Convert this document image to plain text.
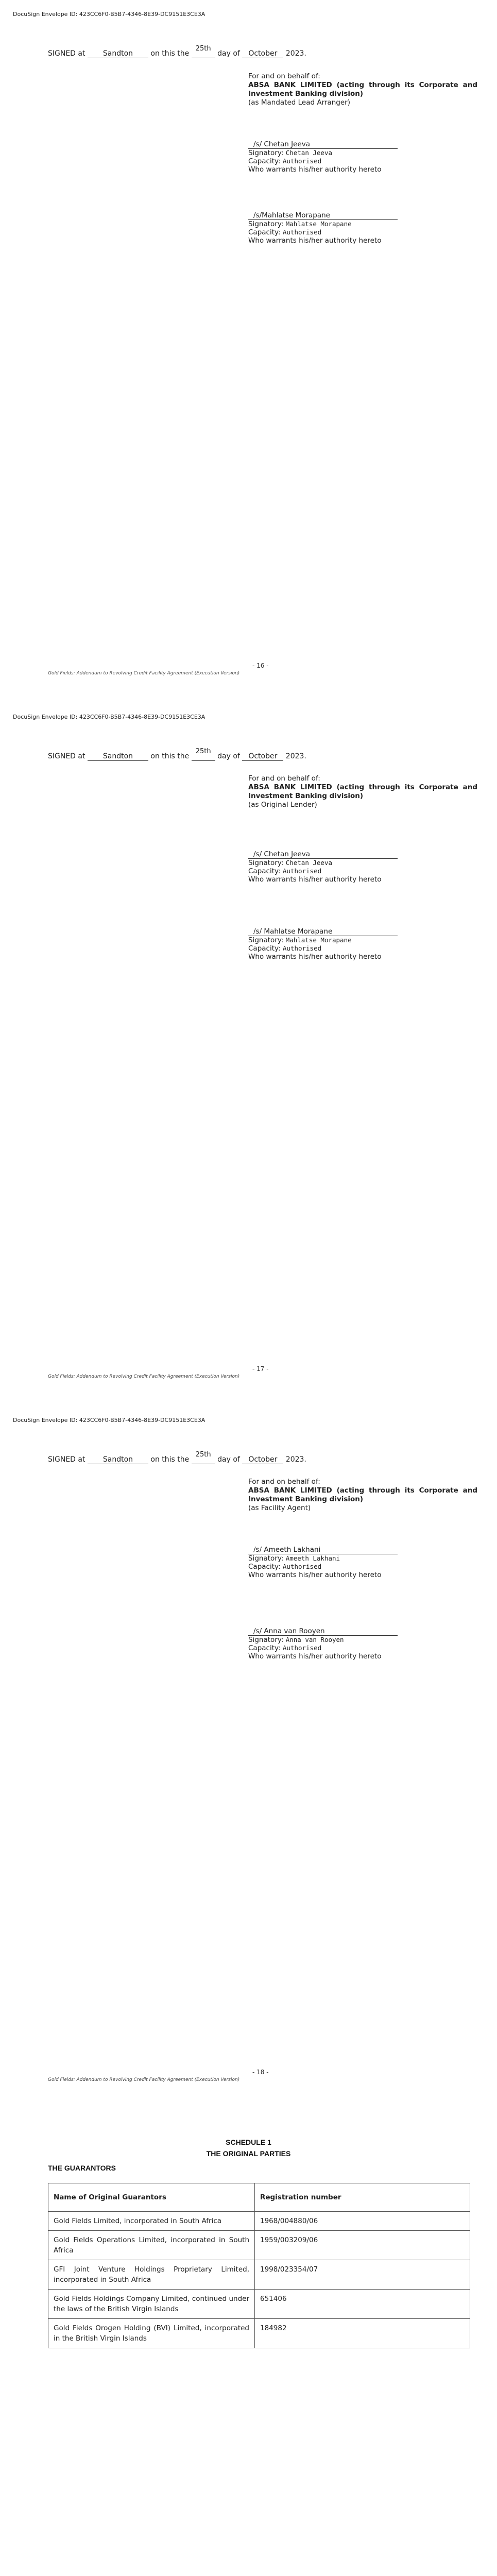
DocuSign Envelope ID: 423CC6F0-B5B7-4346-8E39-DC9151E3CE3A
SIGNED at Sandton on this the 25th day of October 2023.
For and on behalf of:
ABSA BANK LIMITED (acting through its Corporate and Investment Banking division)
(as Mandated Lead Arranger)
/s/ Chetan Jeeva
Signatory: Chetan Jeeva
Capacity: Authorised
Who warrants his/her authority hereto
/s/Mahlatse Morapane
Signatory: Mahlatse Morapane
Capacity: Authorised
Who warrants his/her authority hereto
- 16 -
Gold Fields: Addendum to Revolving Credit Facility Agreement (Execution Version)
DocuSign Envelope ID: 423CC6F0-B5B7-4346-8E39-DC9151E3CE3A
SIGNED at Sandton on this the 25th day of October 2023.
For and on behalf of:
ABSA BANK LIMITED (acting through its Corporate and Investment Banking division)
(as Original Lender)
/s/ Chetan Jeeva
Signatory: Chetan Jeeva
Capacity: Authorised
Who warrants his/her authority hereto
/s/ Mahlatse Morapane
Signatory: Mahlatse Morapane
Capacity: Authorised
Who warrants his/her authority hereto
- 17 -
Gold Fields: Addendum to Revolving Credit Facility Agreement (Execution Version)
DocuSign Envelope ID: 423CC6F0-B5B7-4346-8E39-DC9151E3CE3A
SIGNED at Sandton on this the 25th day of October 2023.
For and on behalf of:
ABSA BANK LIMITED (acting through its Corporate and Investment Banking division)
(as Facility Agent)
/s/ Ameeth Lakhani
Signatory: Ameeth Lakhani
Capacity: Authorised
Who warrants his/her authority hereto
/s/ Anna van Rooyen
Signatory: Anna van Rooyen
Capacity: Authorised
Who warrants his/her authority hereto
- 18 -
Gold Fields: Addendum to Revolving Credit Facility Agreement (Execution Version)
SCHEDULE 1
THE ORIGINAL PARTIES
THE GUARANTORS
Name of Original Guarantors	Registration number
Gold Fields Limited, incorporated in South Africa	1968/004880/06
Gold Fields Operations Limited, incorporated in South Africa	1959/003209/06
GFI Joint Venture Holdings Proprietary Limited, incorporated in South Africa	1998/023354/07
Gold Fields Holdings Company Limited, continued under the laws of the British Virgin Islands	651406
Gold Fields Orogen Holding (BVI) Limited, incorporated in the British Virgin Islands	184982
